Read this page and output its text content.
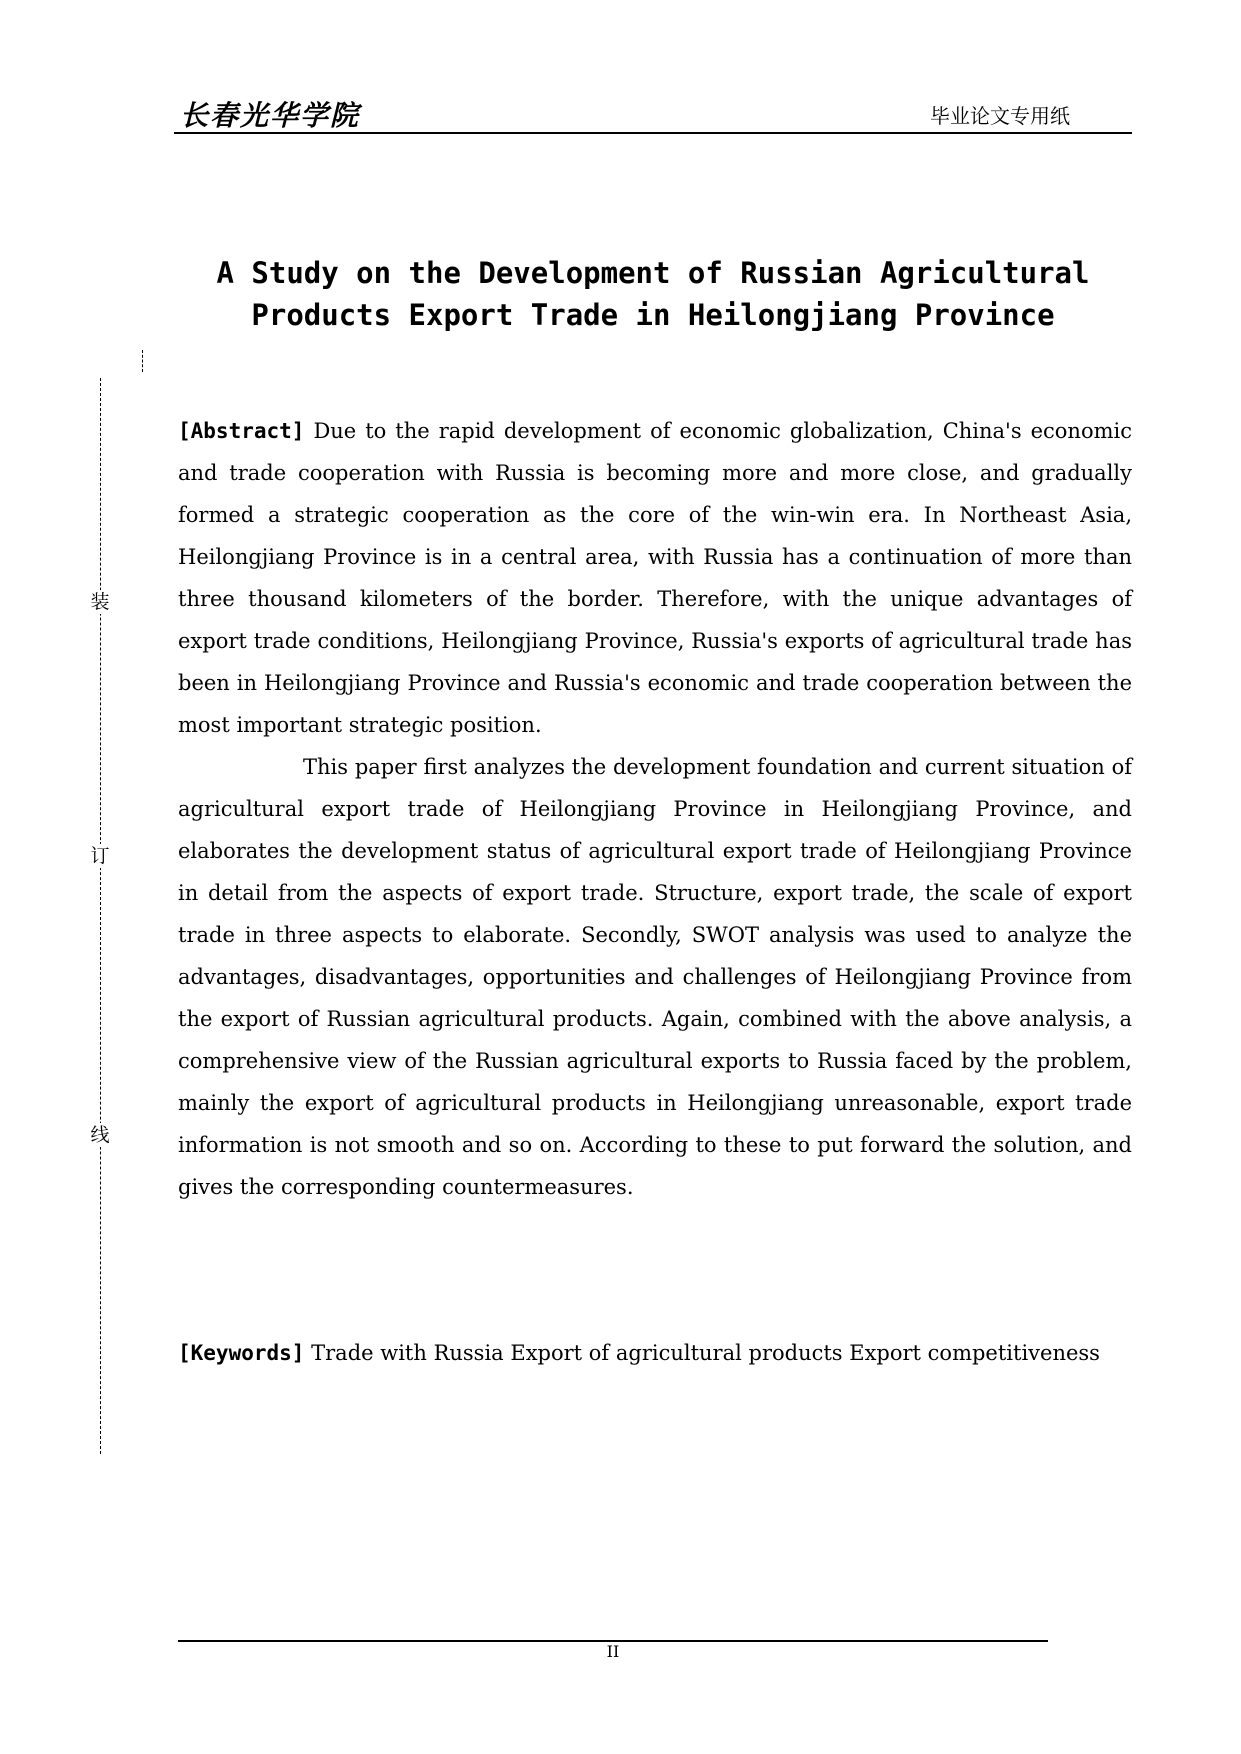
长春光华学院	毕业论文专用纸
装
订
线
A Study on the Development of Russian Agricultural
Products Export Trade in Heilongjiang Province
[Abstract] Due to the rapid development of economic globalization, China's economic and trade cooperation with Russia is becoming more and more close, and gradually formed a strategic cooperation as the core of the win-win era. In Northeast Asia, Heilongjiang Province is in a central area, with Russia has a continuation of more than three thousand kilometers of the border. Therefore, with the unique advantages of export trade conditions, Heilongjiang Province, Russia's exports of agricultural trade has been in Heilongjiang Province and Russia's economic and trade cooperation between the most important strategic position.
This paper first analyzes the development foundation and current situation of agricultural export trade of Heilongjiang Province in Heilongjiang Province, and elaborates the development status of agricultural export trade of Heilongjiang Province in detail from the aspects of export trade. Structure, export trade, the scale of export trade in three aspects to elaborate. Secondly, SWOT analysis was used to analyze the advantages, disadvantages, opportunities and challenges of Heilongjiang Province from the export of Russian agricultural products. Again, combined with the above analysis, a comprehensive view of the Russian agricultural exports to Russia faced by the problem, mainly the export of agricultural products in Heilongjiang unreasonable, export trade information is not smooth and so on. According to these to put forward the solution, and gives the corresponding countermeasures.
[Keywords] Trade with Russia Export of agricultural products Export competitiveness
II
